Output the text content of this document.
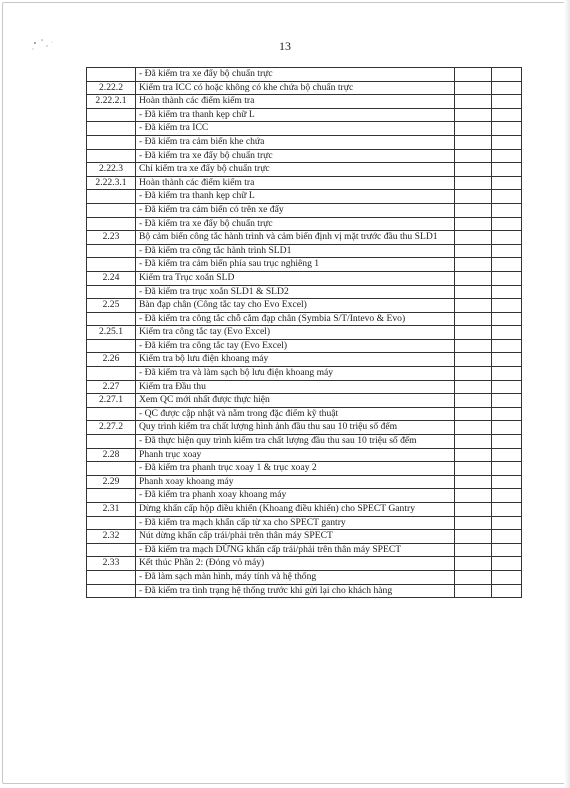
13
	- Đã kiểm tra xe đẩy bộ chuẩn trực		
2.22.2	Kiểm tra ICC có hoặc không có khe chứa bộ chuẩn trực		
2.22.2.1	Hoàn thành các điểm kiểm tra		
	- Đã kiểm tra thanh kẹp chữ L		
	- Đã kiểm tra ICC		
	- Đã kiểm tra cảm biến khe chứa		
	- Đã kiểm tra xe đẩy bộ chuẩn trực		
2.22.3	Chỉ kiểm tra xe đẩy bộ chuẩn trực		
2.22.3.1	Hoàn thành các điểm kiểm tra		
	- Đã kiểm tra thanh kẹp chữ L		
	- Đã kiểm tra cảm biến có trên xe đẩy		
	- Đã kiểm tra xe đẩy bộ chuẩn trực		
2.23	Bộ cảm biến công tắc hành trình và cảm biến định vị mặt trước đầu thu SLD1		
	- Đã kiểm tra công tắc hành trình SLD1		
	- Đã kiểm tra cảm biến phía sau trục nghiêng 1		
2.24	Kiểm tra Trục xoắn SLD		
	- Đã kiểm tra trục xoắn SLD1 & SLD2		
2.25	Bàn đạp chân (Công tắc tay cho Evo Excel)		
	- Đã kiểm tra công tắc chỗ cắm đạp chân (Symbia S/T/Intevo & Evo)		
2.25.1	Kiểm tra công tắc tay (Evo Excel)		
	- Đã kiểm tra công tắc tay (Evo Excel)		
2.26	Kiểm tra bộ lưu điện khoang máy		
	- Đã kiểm tra và làm sạch bộ lưu điện khoang máy		
2.27	Kiểm tra Đầu thu		
2.27.1	Xem QC mới nhất được thực hiện		
	- QC được cập nhật và nằm trong đặc điểm kỹ thuật		
2.27.2	Quy trình kiểm tra chất lượng hình ảnh đầu thu sau 10 triệu số đếm		
	- Đã thực hiện quy trình kiểm tra chất lượng đầu thu sau 10 triệu số đếm		
2.28	Phanh trục xoay		
	- Đã kiểm tra phanh trục xoay 1 & trục xoay 2		
2.29	Phanh xoay khoang máy		
	- Đã kiểm tra phanh xoay khoang máy		
2.31	Dừng khẩn cấp hộp điều khiển (Khoang điều khiển) cho SPECT Gantry		
	- Đã kiểm tra mạch khẩn cấp từ xa cho SPECT gantry		
2.32	Nút dừng khẩn cấp trái/phải trên thân máy SPECT		
	- Đã kiểm tra mạch DỪNG khẩn cấp trái/phải trên thân máy SPECT		
2.33	Kết thúc Phần 2: (Đóng vỏ máy)		
	- Đã làm sạch màn hình, máy tính và hệ thống		
	- Đã kiểm tra tình trạng hệ thống trước khi gửi lại cho khách hàng		
